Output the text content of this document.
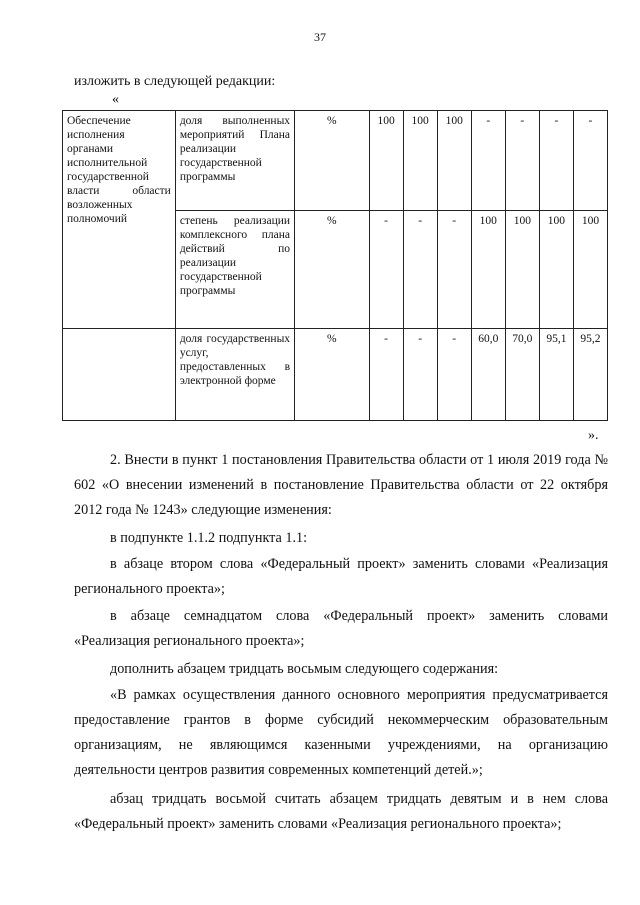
37
изложить в следующей редакции:
«
Обеспечение исполнения органами исполнительной государственной власти области возложенных полномочий	доля выполненных мероприятий Плана реализации государственной программы	%	100	100	100	-	-	-	-
	степень реализации комплексного плана действий по реализации государственной программы	%	-	-	-	100	100	100	100
	доля государственных услуг, предоставленных в электронной форме	%	-	-	-	60,0	70,0	95,1	95,2
».
2. Внести в пункт 1 постановления Правительства области от 1 июля 2019 года № 602 «О внесении изменений в постановление Правительства области от 22 октября 2012 года № 1243» следующие изменения:
в подпункте 1.1.2 подпункта 1.1:
в абзаце втором слова «Федеральный проект» заменить словами «Реализация регионального проекта»;
в абзаце семнадцатом слова «Федеральный проект» заменить словами «Реализация регионального проекта»;
дополнить абзацем тридцать восьмым следующего содержания:
«В рамках осуществления данного основного мероприятия предусматривается предоставление грантов в форме субсидий некоммерческим образовательным организациям, не являющимся казенными учреждениями, на организацию деятельности центров развития современных компетенций детей.»;
абзац тридцать восьмой считать абзацем тридцать девятым и в нем слова «Федеральный проект» заменить словами «Реализация регионального проекта»;
